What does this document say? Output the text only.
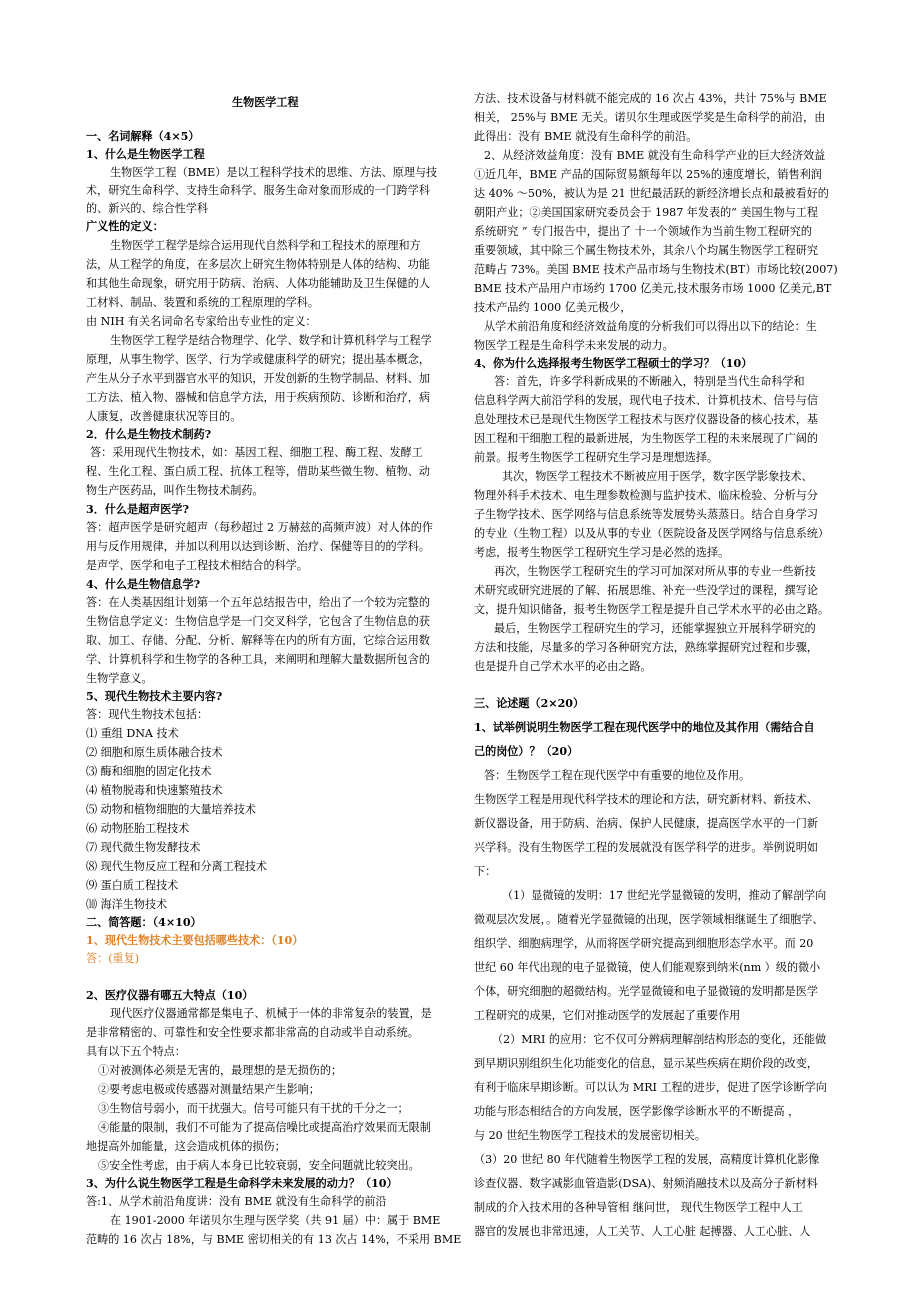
生物医学工程
一、名词解释（4×5）
1、什么是生物医学工程
生物医学工程（BME）是以工程科学技术的思维、方法、原理与技
术，研究生命科学、支持生命科学、服务生命对象而形成的一门跨学科
的、新兴的、综合性学科
广义性的定义：
生物医学工程学是综合运用现代自然科学和工程技术的原理和方
法，从工程学的角度，在多层次上研究生物体特别是人体的结构、功能
和其他生命现象，研究用于防病、治病、人体功能辅助及卫生保健的人
工材料、制品、装置和系统的工程原理的学科。
由 NIH 有关名词命名专家给出专业性的定义：
生物医学工程学是结合物理学、化学、数学和计算机科学与工程学
原理，从事生物学、医学、行为学或健康科学的研究；提出基本概念，
产生从分子水平到器官水平的知识，开发创新的生物学制品、材料、加
工方法、植入物、器械和信息学方法，用于疾病预防、诊断和治疗，病
人康复，改善健康状况等目的。
2．什么是生物技术制药?
答：采用现代生物技术，如：基因工程、细胞工程、酶工程、发酵工
程、生化工程、蛋白质工程、抗体工程等，借助某些微生物、植物、动
物生产医药品，叫作生物技术制药。
3．什么是超声医学?
答：超声医学是研究超声（每秒超过 2 万赫兹的高频声波）对人体的作
用与反作用规律，并加以利用以达到诊断、治疗、保健等目的的学科。
是声学、医学和电子工程技术相结合的科学。
4、什么是生物信息学?
答：在人类基因组计划第一个五年总结报告中，给出了一个较为完整的
生物信息学定义：生物信息学是一门交叉科学，它包含了生物信息的获
取、加工、存储、分配、分析、解释等在内的所有方面，它综合运用数
学、计算机科学和生物学的各种工具，来阐明和理解大量数据所包含的
生物学意义。
5、现代生物技术主要内容?
答：现代生物技术包括：
⑴ 重组 DNA 技术
⑵ 细胞和原生质体融合技术
⑶ 酶和细胞的固定化技术
⑷ 植物脱毒和快速繁殖技术
⑸ 动物和植物细胞的大量培养技术
⑹ 动物胚胎工程技术
⑺ 现代微生物发酵技术
⑻ 现代生物反应工程和分离工程技术
⑼ 蛋白质工程技术
⑽ 海洋生物技术
二、简答题：（4×10）
1、现代生物技术主要包括哪些技术：（10）
答：(重复)
2、医疗仪器有哪五大特点（10）
现代医疗仪器通常都是集电子、机械于一体的非常复杂的装置，是
是非常精密的、可靠性和安全性要求都非常高的自动或半自动系统。
具有以下五个特点：
①对被测体必须是无害的，最理想的是无损伤的；
②要考虑电极或传感器对测量结果产生影响；
③生物信号弱小，而干扰强大。信号可能只有干扰的千分之一；
④能量的限制，我们不可能为了提高信噪比或提高治疗效果而无限制
地提高外加能量，这会造成机体的损伤；
⑤安全性考虑，由于病人本身已比较衰弱，安全问题就比较突出。
3、为什么说生物医学工程是生命科学未来发展的动力？（10）
答:1、从学术前沿角度讲：没有 BME 就没有生命科学的前沿
在 1901-2000 年诺贝尔生理与医学奖（共 91 届）中：属于 BME
范畴的 16 次占 18%，与 BME 密切相关的有 13 次占 14%，不采用 BME
方法、技术设备与材料就不能完成的 16 次占 43%，共计 75%与 BME
相关， 25%与 BME 无关。诺贝尔生理或医学奖是生命科学的前沿，由
此得出：没有 BME 就没有生命科学的前沿。
2、从经济效益角度：没有 BME 就没有生命科学产业的巨大经济效益
①近几年，BME 产品的国际贸易额每年以 25%的速度增长，销售利润
达 40% ～50%，被认为是 21 世纪最活跃的新经济增长点和最被看好的
朝阳产业；②美国国家研究委员会于 1987 年发表的“ 美国生物与工程
系统研究 ” 专门报告中，提出了 十一个领域作为当前生物工程研究的
重要领域，其中除三个属生物技术外，其余八个均属生物医学工程研究
范畴占 73%。美国 BME 技术产品市场与生物技术(BT）市场比较(2007)
BME 技术产品用户市场约 1700 亿美元,技术服务市场 1000 亿美元,BT
技术产品约 1000 亿美元极少，
从学术前沿角度和经济效益角度的分析我们可以得出以下的结论：生
物医学工程是生命科学未来发展的动力。
4、你为什么选择报考生物医学工程硕士的学习？（10）
答：首先，许多学科新成果的不断融入，特别是当代生命科学和
信息科学两大前沿学科的发展，现代电子技术、计算机技术、信号与信
息处理技术已是现代生物医学工程技术与医疗仪器设备的核心技术，基
因工程和干细胞工程的最新进展，为生物医学工程的未来展现了广阔的
前景。报考生物医学工程研究生学习是理想选择。
其次，物医学工程技术不断被应用于医学，数字医学影象技术、
物理外科手术技术、电生理参数检测与监护技术、临床检验、分析与分
子生物学技术、医学网络与信息系统等发展势头蒸蒸日。结合自身学习
的专业（生物工程）以及从事的专业（医院设备及医学网络与信息系统）
考虑，报考生物医学工程研究生学习是必然的选择。
再次，生物医学工程研究生的学习可加深对所从事的专业一些新技
术研究或研究进展的了解、拓展思维、补充一些没学过的课程，撰写论
文，提升知识储备，报考生物医学工程是提升自己学术水平的必由之路。
最后，生物医学工程研究生的学习，还能掌握独立开展科学研究的
方法和技能，尽量多的学习各种研究方法，熟练掌握研究过程和步骤，
也是提升自己学术水平的必由之路。
三、论述题（2×20）
1、试举例说明生物医学工程在现代医学中的地位及其作用（需结合自
己的岗位）？（20）
答：生物医学工程在现代医学中有重要的地位及作用。
生物医学工程是用现代科学技术的理论和方法，研究新材料、新技术、
新仪器设备，用于防病、治病、保护人民健康，提高医学水平的一门新
兴学科。没有生物医学工程的发展就没有医学科学的进步。举例说明如
下：
（1）显微镜的发明：17 世纪光学显微镜的发明，推动了解剖学向
微观层次发展，。随着光学显微镜的出现，医学领域相继诞生了细胞学、
组织学、细胞病理学，从而将医学研究提高到细胞形态学水平。而 20
世纪 60 年代出现的电子显微镜，使人们能观察到纳米(nm ）级的微小
个体，研究细胞的超微结构。光学显微镜和电子显微镜的发明都是医学
工程研究的成果，它们对推动医学的发展起了重要作用
（2）MRI 的应用：它不仅可分辨病理解剖结构形态的变化，还能做
到早期识别组织生化功能变化的信息，显示某些疾病在期价段的改变，
有利于临床早期诊断。可以认为 MRI 工程的进步，促进了医学诊断学向
功能与形态相结合的方向发展，医学影像学诊断水平的不断提高 ，
与 20 世纪生物医学工程技术的发展密切相关。
（3）20 世纪 80 年代随着生物医学工程的发展，高精度计算机化影像
诊查仪器、数字减影血管造影(DSA)、射频消融技术以及高分子新材料
制成的介入技术用的各种导管相 继问世， 现代生物医学工程中人工
器官的发展也非常迅速，人工关节、人工心脏 起搏器、人工心脏、人
